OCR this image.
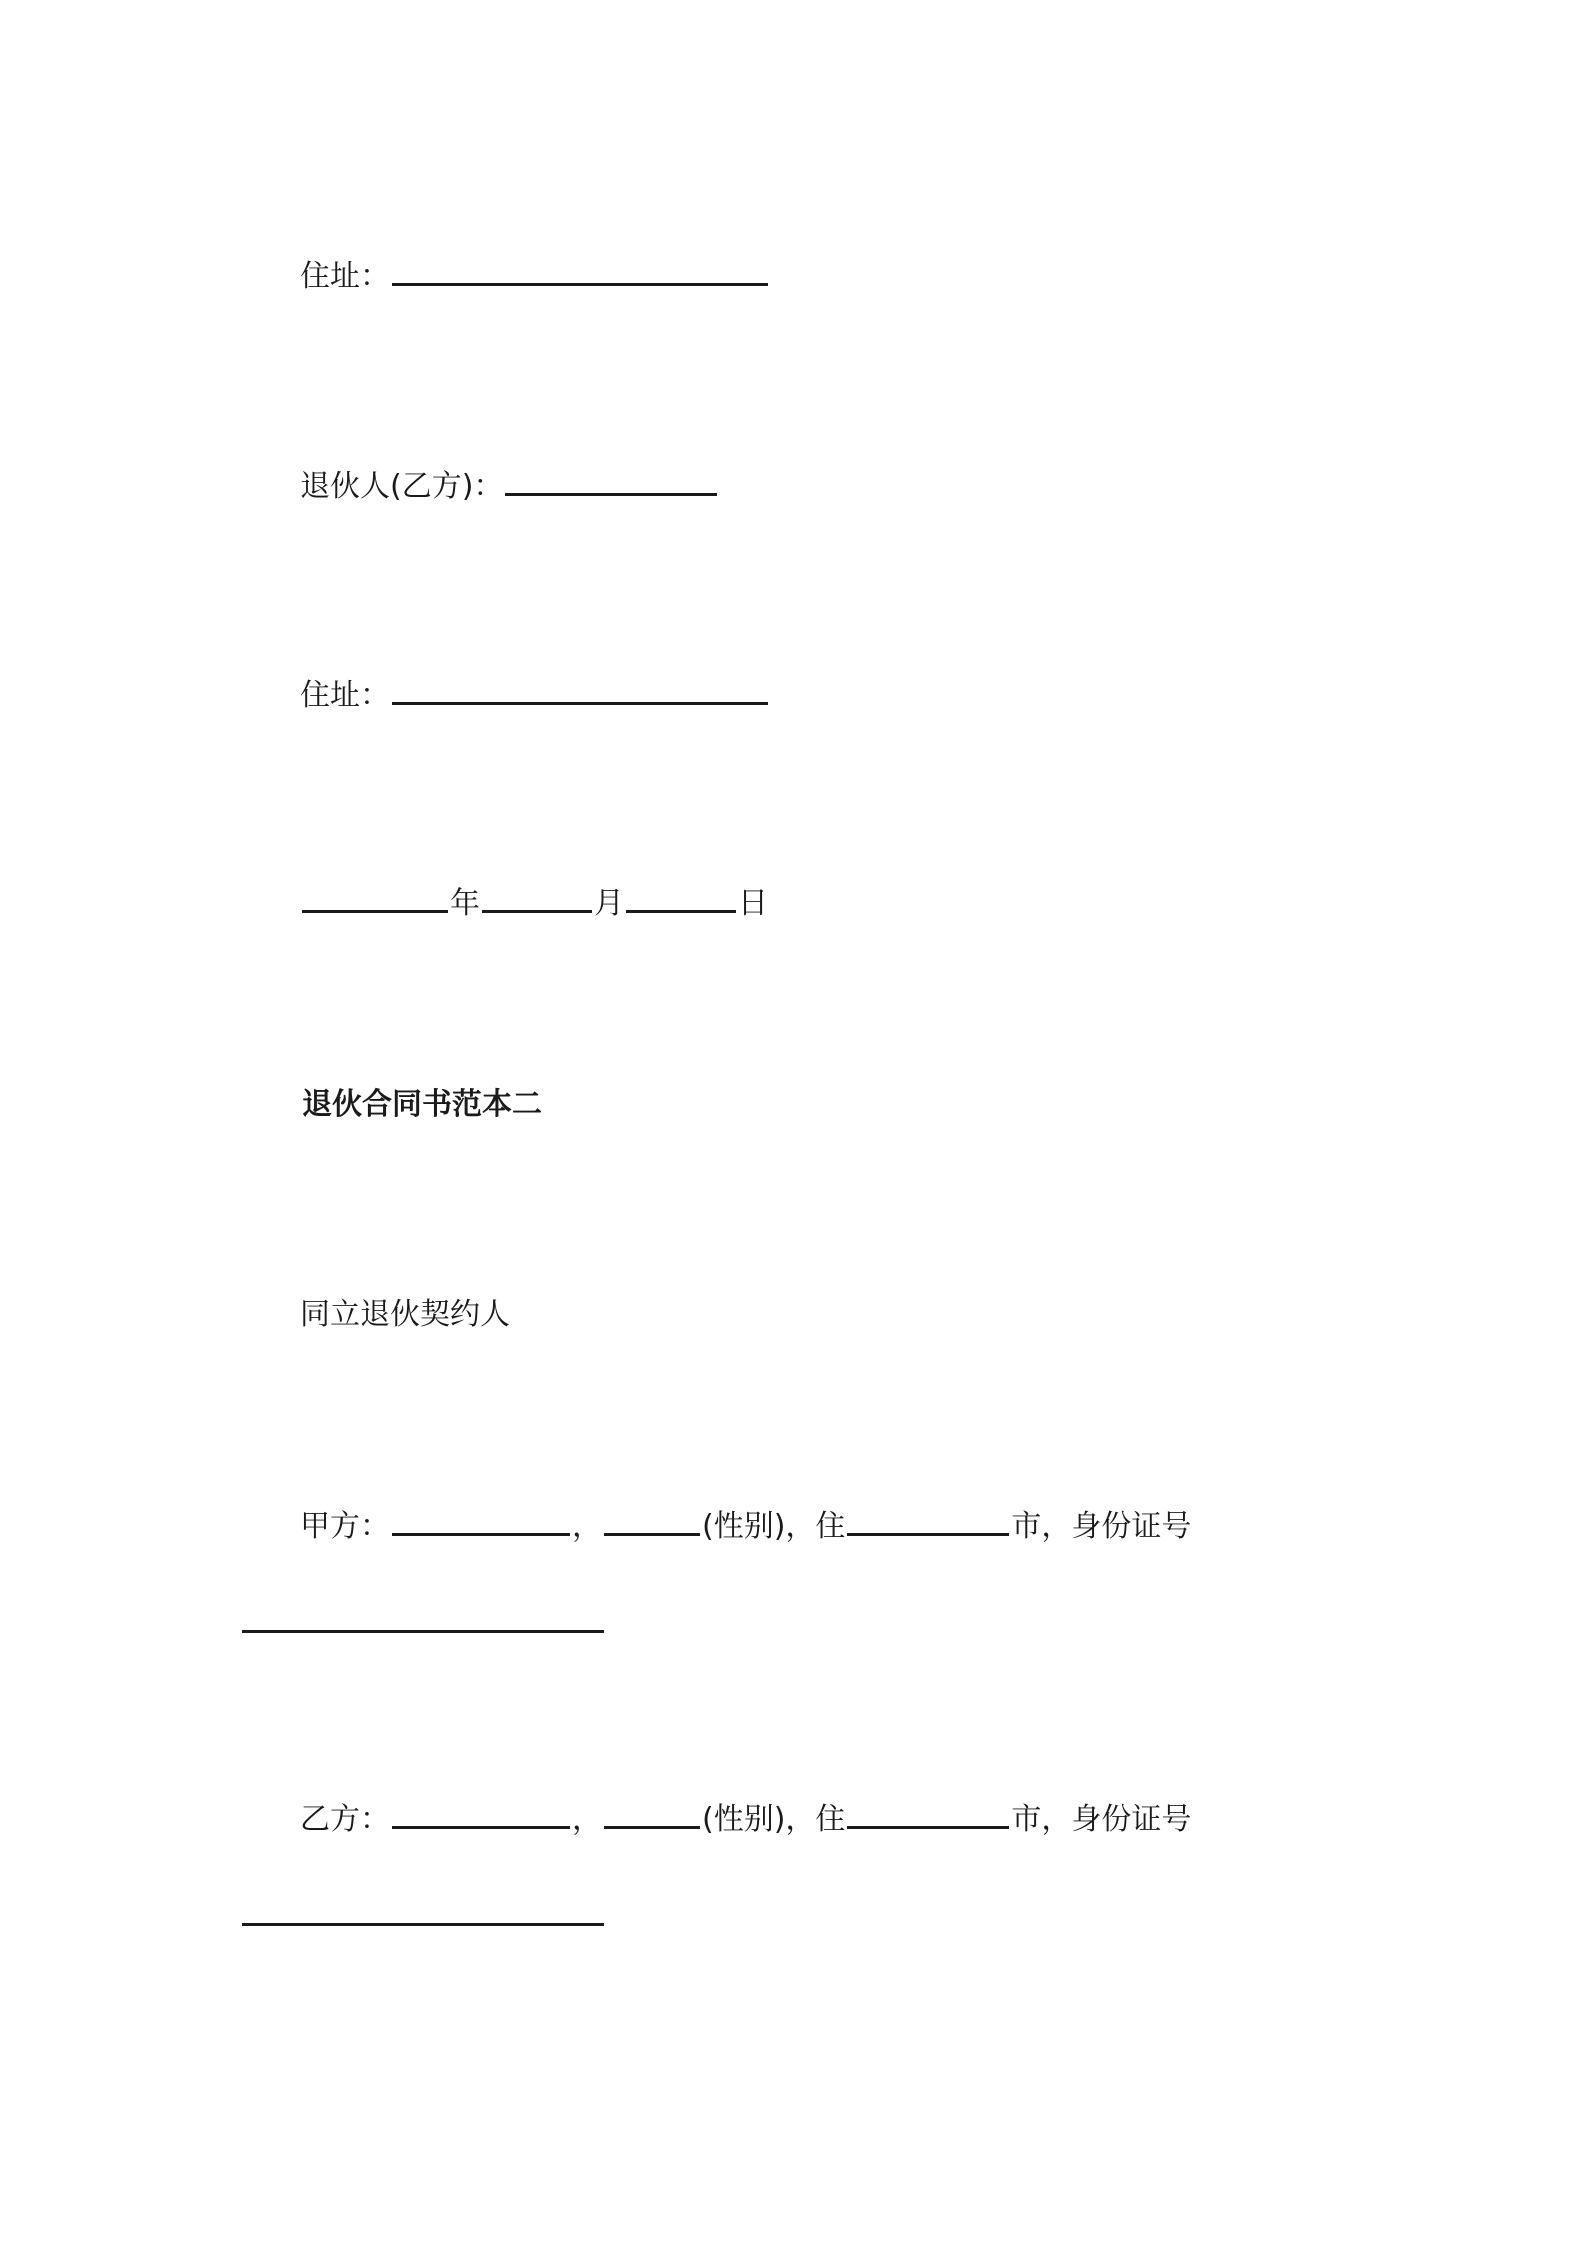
住址：
退伙人(乙方)：
住址：
年	月	日
退伙合同书范本二
同立退伙契约人
甲方：	，	(性别)，住	市，身份证号
乙方：	，	(性别)，住	市，身份证号
